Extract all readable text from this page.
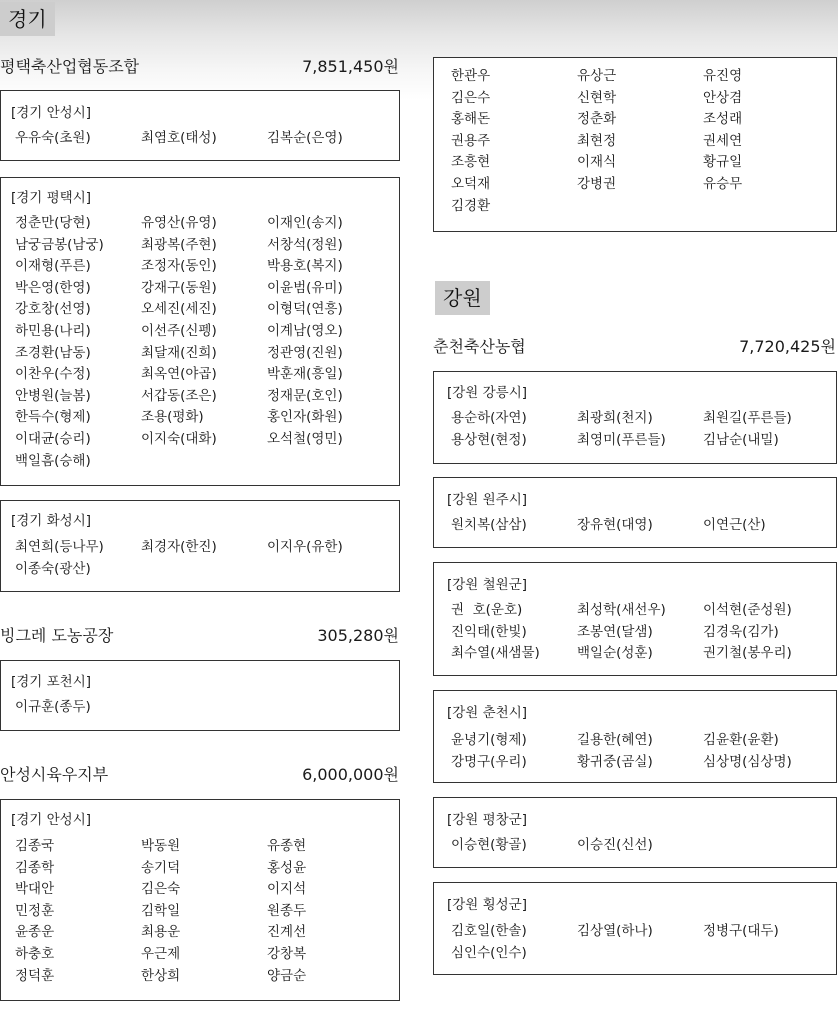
경기
평택축산업협동조합	7,851,450원
[경기 안성시]
우유숙(초원)	최염호(태성)	김복순(은영)
[경기 평택시]
정춘만(당현)	유영산(유영)	이재인(송지)
남궁금봉(남궁)	최광복(주현)	서창석(정원)
이재형(푸른)	조정자(동인)	박용호(복지)
박은영(한영)	강재구(동원)	이윤범(유미)
강호창(선영)	오세진(세진)	이형덕(연흥)
하민용(나리)	이선주(신펭)	이계남(영오)
조경환(남동)	최달재(진희)	정관영(진원)
이찬우(수정)	최옥연(야곱)	박훈재(흥일)
안병원(늘봄)	서갑동(조은)	정재문(호인)
한득수(형제)	조용(평화)	홍인자(화원)
이대균(승리)	이지숙(대화)	오석철(영민)
백일흠(승해)
[경기 화성시]
최연희(등나무)	최경자(한진)	이지우(유한)
이종숙(광산)
빙그레 도농공장	305,280원
[경기 포천시]
이규훈(종두)
안성시육우지부	6,000,000원
[경기 안성시]
김종국	박동원	유종현
김종학	송기덕	홍성윤
박대안	김은숙	이지석
민정훈	김학일	원종두
윤종운	최용운	진계선
하충호	우근제	강창복
정덕훈	한상희	양금순
한관우	유상근	유진영
김은수	신현학	안상겸
홍해돈	정춘화	조성래
권용주	최현정	권세연
조흥현	이재식	황규일
오덕재	강병권	유승무
김경환
강원
춘천축산농협	7,720,425원
[강원 강릉시]
용순하(자연)	최광희(천지)	최원길(푸른들)
용상현(현정)	최영미(푸른들)	김남순(내밀)
[강원 원주시]
원치복(삼삼)	장유현(대영)	이연근(산)
[강원 철원군]
권  호(운호)	최성학(새선우)	이석현(준성원)
진익태(한빛)	조봉연(달샘)	김경욱(김가)
최수열(새샘물)	백일순(성훈)	권기철(봉우리)
[강원 춘천시]
윤녕기(형제)	길용한(혜연)	김윤환(윤환)
강명구(우리)	황귀중(곰실)	심상명(심상명)
[강원 평창군]
이승현(황골)	이승진(신선)
[강원 횡성군]
김호일(한솔)	김상열(하나)	정병구(대두)
심인수(인수)
